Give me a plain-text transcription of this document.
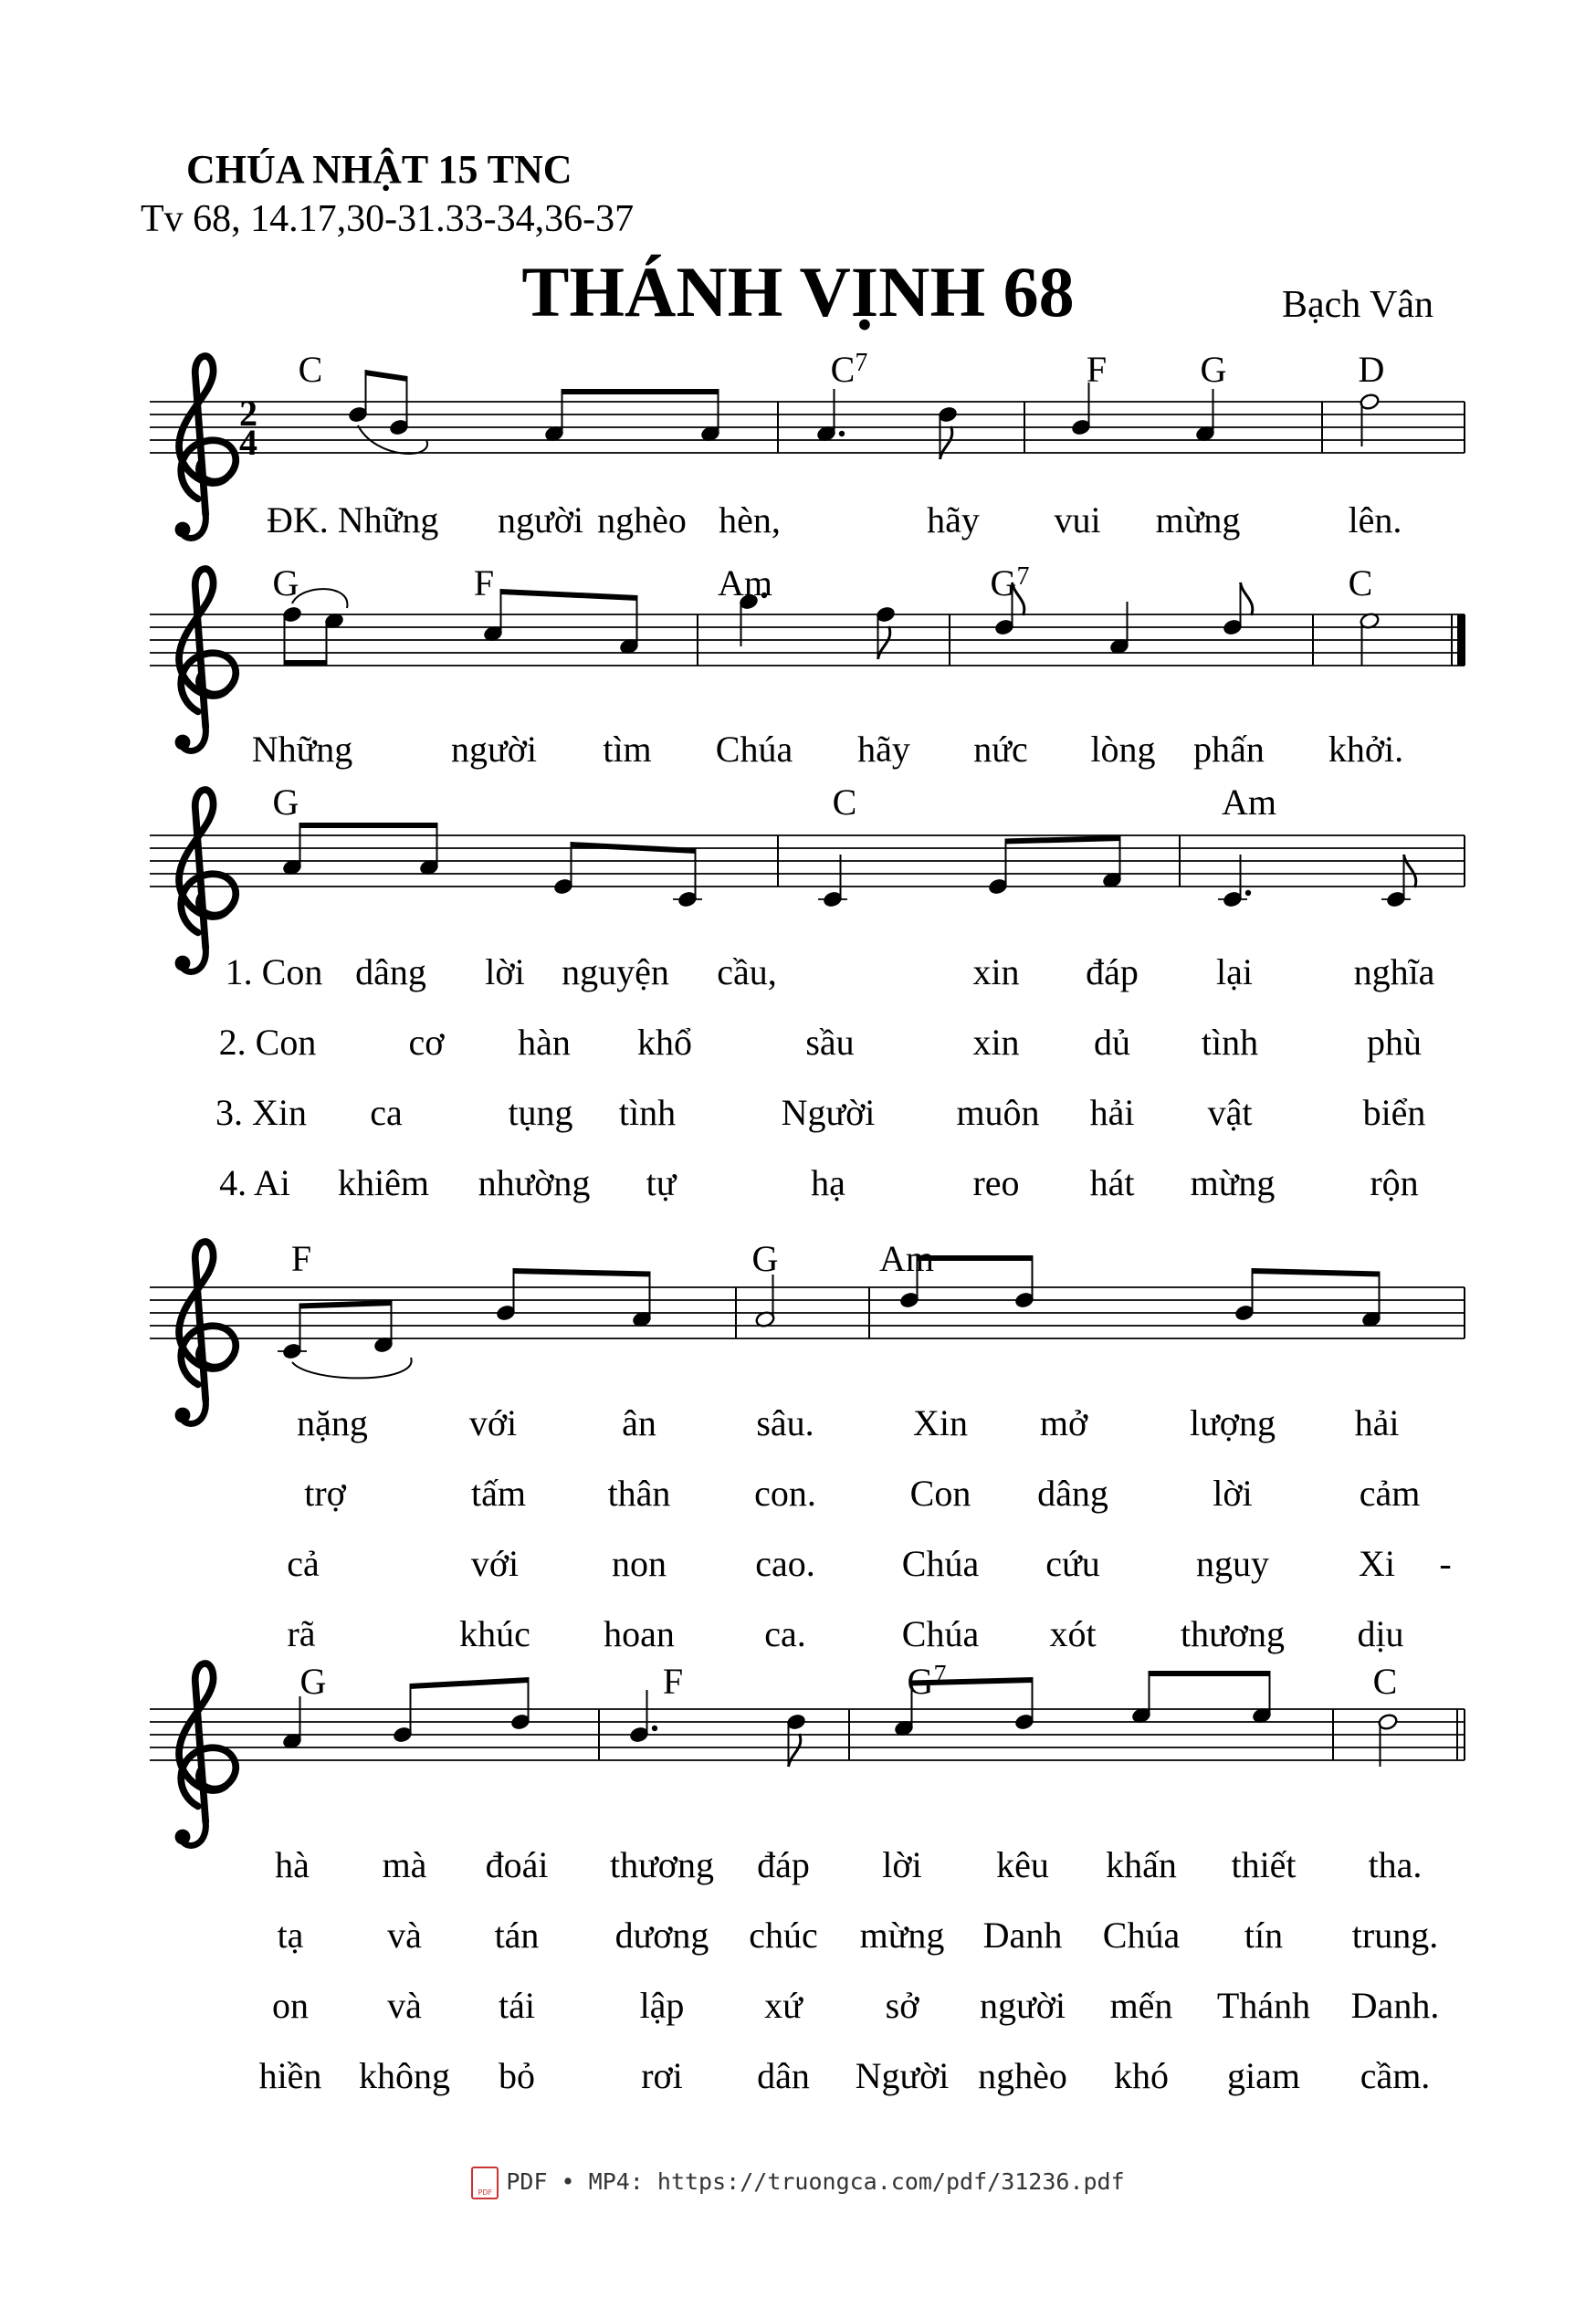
CHÚA NHẬT 15 TNC
Tv 68, 14.17,30-31.33-34,36-37
THÁNH VỊNH 68	Bạch Vân
2
4
ĐK. Những người nghèo hèn,	hãy vui mừng	lên.
C	$C^7$	F	G	D
Những	người tìm Chúa hãy nức lòng phấn khởi.
G	F	Am	$G^7$	C
1. Con dâng lời nguyện cầu,	xin đáp lại	nghĩa
2. Con	cơ hàn khổ	sầu	xin dủ tình	phù
3. Xin ca	tụng tình	Người muôn hải vật	biển
4. Ai khiêm nhường tự	hạ	reo hát mừng	rộn
G	C	Am
nặng	với	ân	sâu.	Xin mở	lượng hải
trợ	tấm thân con.	Con dâng	lời	cảm
cả	với	non cao. Chúa cứu	nguy Xi -
rã	khúc hoan ca.	Chúa xót thương dịu
F	G	Am
hà mà đoái thương đáp lời kêu khấn thiết tha.
tạ và tán dương chúc mừng Danh Chúa tín trung.
on và tái	lập xứ sở người mến Thánh Danh.
hiền không bỏ	rơi dân Người nghèo khó giam cầm.
G	F	$G^7$	C
PDFPDF • MP4: https://truongca.com/pdf/31236.pdf
